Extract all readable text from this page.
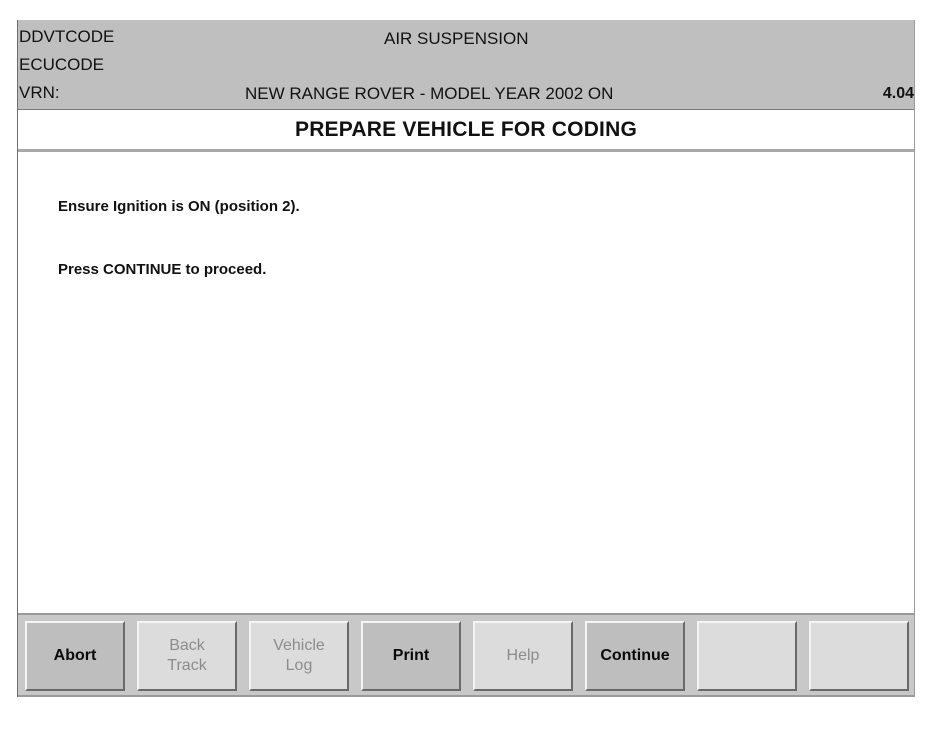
DDVTCODE
ECUCODE
VRN:
AIR SUSPENSION
NEW RANGE ROVER - MODEL YEAR 2002 ON	4.04
PREPARE VEHICLE FOR CODING
Ensure Ignition is ON (position 2).
Press CONTINUE to proceed.
Abort
Back
Track
Vehicle
Log
Print	Help	Continue
